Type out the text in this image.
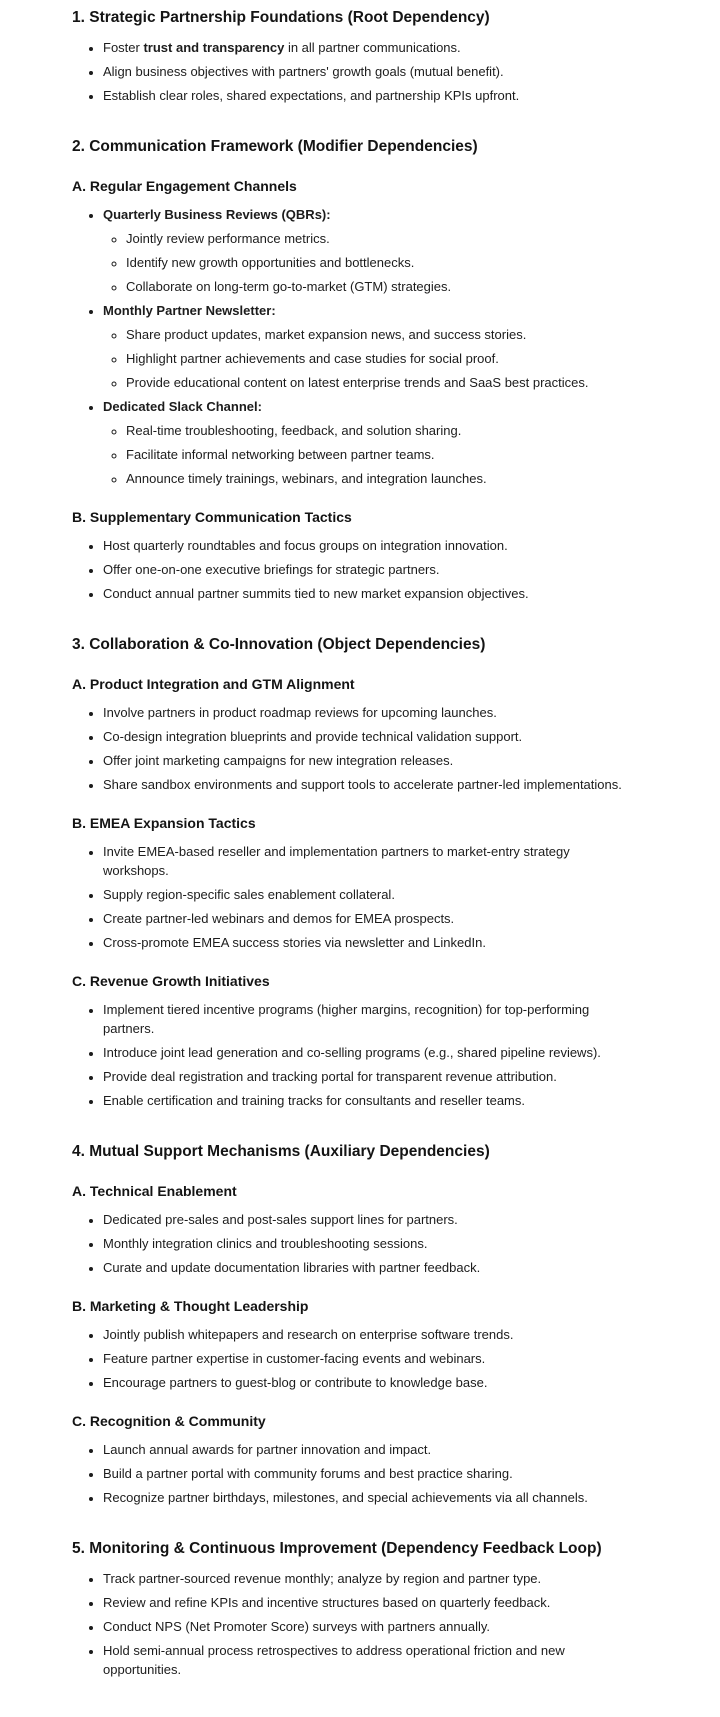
1. Strategic Partnership Foundations (Root Dependency)
• Foster trust and transparency in all partner communications.
• Align business objectives with partners' growth goals (mutual benefit).
• Establish clear roles, shared expectations, and partnership KPIs upfront.
2. Communication Framework (Modifier Dependencies)
A. Regular Engagement Channels
• Quarterly Business Reviews (QBRs):
◦ Jointly review performance metrics.
◦ Identify new growth opportunities and bottlenecks.
◦ Collaborate on long-term go-to-market (GTM) strategies.
• Monthly Partner Newsletter:
◦ Share product updates, market expansion news, and success stories.
◦ Highlight partner achievements and case studies for social proof.
◦ Provide educational content on latest enterprise trends and SaaS best practices.
• Dedicated Slack Channel:
◦ Real-time troubleshooting, feedback, and solution sharing.
◦ Facilitate informal networking between partner teams.
◦ Announce timely trainings, webinars, and integration launches.
B. Supplementary Communication Tactics
• Host quarterly roundtables and focus groups on integration innovation.
• Offer one-on-one executive briefings for strategic partners.
• Conduct annual partner summits tied to new market expansion objectives.
3. Collaboration & Co-Innovation (Object Dependencies)
A. Product Integration and GTM Alignment
• Involve partners in product roadmap reviews for upcoming launches.
• Co-design integration blueprints and provide technical validation support.
• Offer joint marketing campaigns for new integration releases.
• Share sandbox environments and support tools to accelerate partner-led implementations.
B. EMEA Expansion Tactics
• Invite EMEA-based reseller and implementation partners to market-entry strategy workshops.
• Supply region-specific sales enablement collateral.
• Create partner-led webinars and demos for EMEA prospects.
• Cross-promote EMEA success stories via newsletter and LinkedIn.
C. Revenue Growth Initiatives
• Implement tiered incentive programs (higher margins, recognition) for top-performing partners.
• Introduce joint lead generation and co-selling programs (e.g., shared pipeline reviews).
• Provide deal registration and tracking portal for transparent revenue attribution.
• Enable certification and training tracks for consultants and reseller teams.
4. Mutual Support Mechanisms (Auxiliary Dependencies)
A. Technical Enablement
• Dedicated pre-sales and post-sales support lines for partners.
• Monthly integration clinics and troubleshooting sessions.
• Curate and update documentation libraries with partner feedback.
B. Marketing & Thought Leadership
• Jointly publish whitepapers and research on enterprise software trends.
• Feature partner expertise in customer-facing events and webinars.
• Encourage partners to guest-blog or contribute to knowledge base.
C. Recognition & Community
• Launch annual awards for partner innovation and impact.
• Build a partner portal with community forums and best practice sharing.
• Recognize partner birthdays, milestones, and special achievements via all channels.
5. Monitoring & Continuous Improvement (Dependency Feedback Loop)
• Track partner-sourced revenue monthly; analyze by region and partner type.
• Review and refine KPIs and incentive structures based on quarterly feedback.
• Conduct NPS (Net Promoter Score) surveys with partners annually.
• Hold semi-annual process retrospectives to address operational friction and new opportunities.
